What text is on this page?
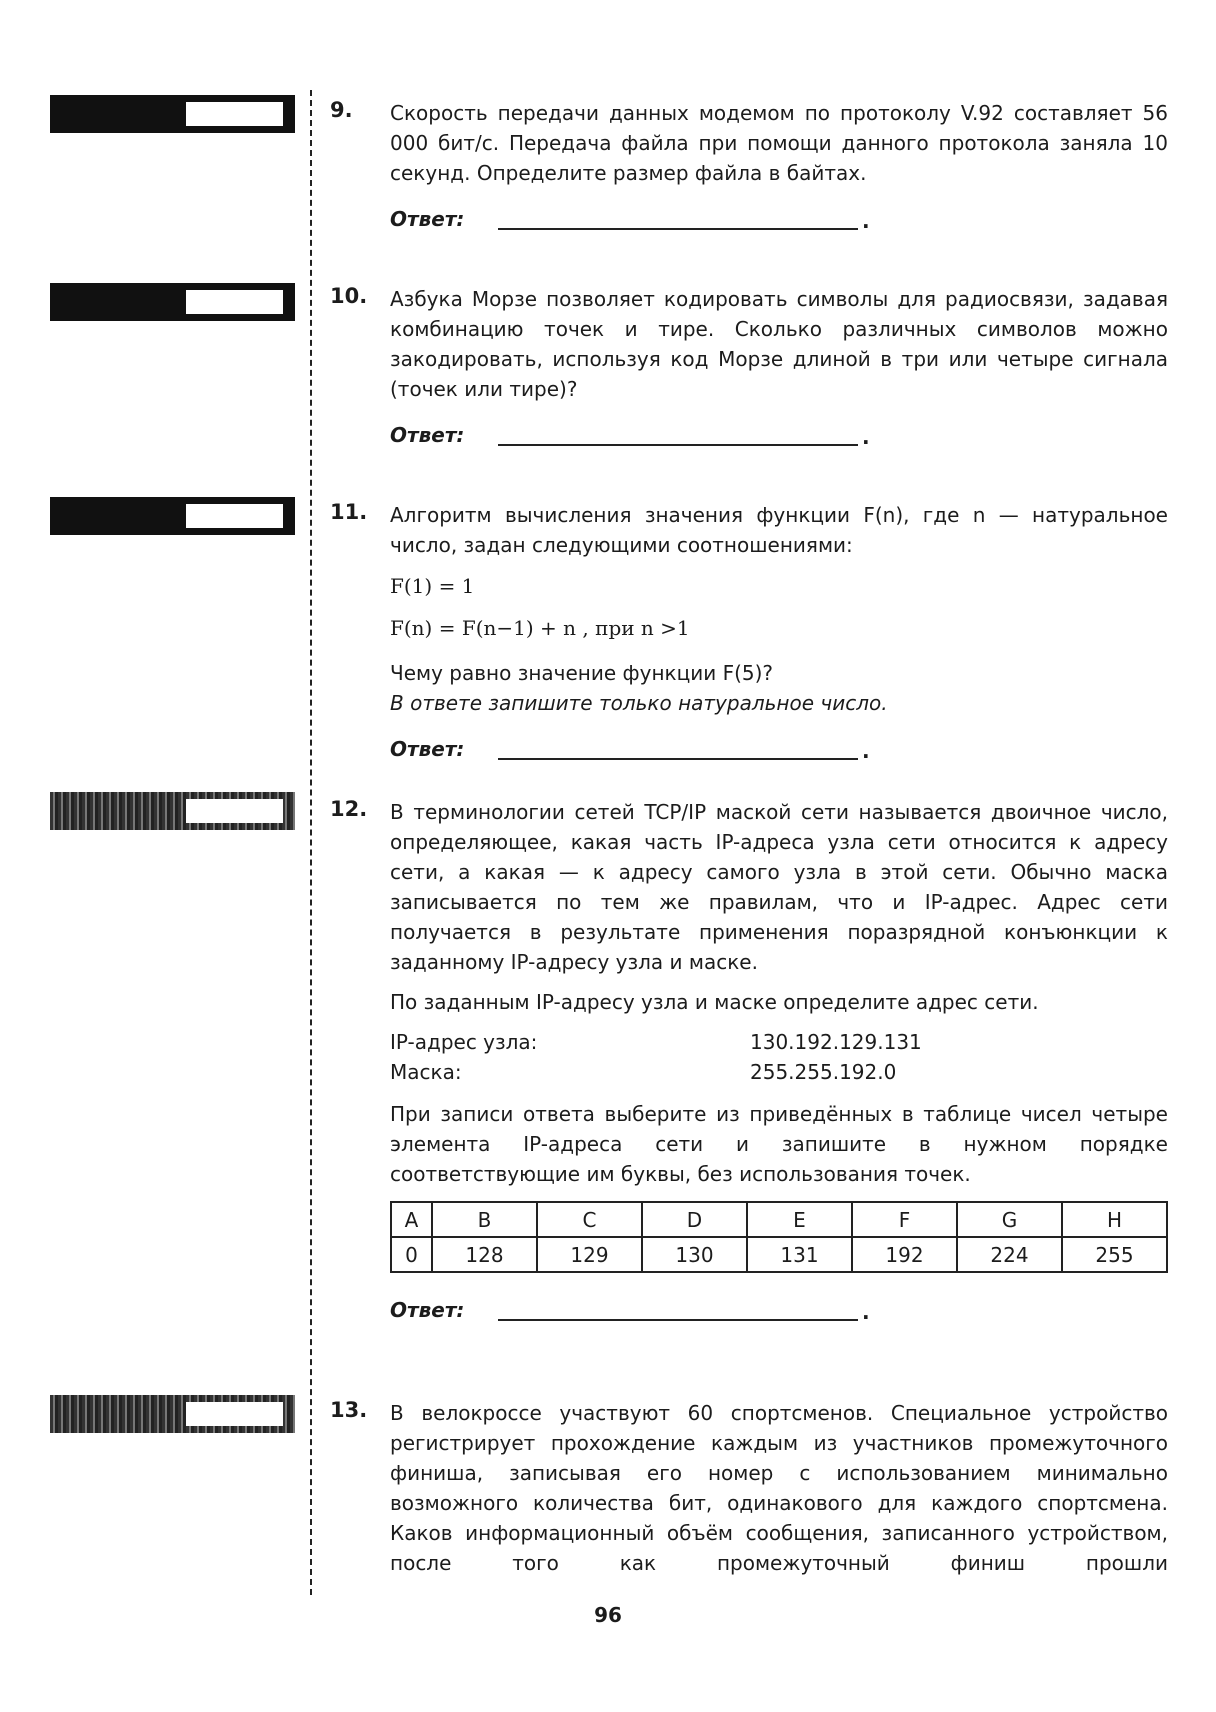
9.	Скорость передачи данных модемом по протоколу V.92 составляет 56 000 бит/с. Передача файла при помощи данного протокола заняла 10 секунд. Определите размер файла в байтах.

Ответ:	.
10.	Азбука Морзе позволяет кодировать символы для радиосвязи, задавая комбинацию точек и тире. Сколько различных символов можно закодировать, используя код Морзе длиной в три или четыре сигнала (точек или тире)?

Ответ:	.
11.	Алгоритм вычисления значения функции F(n), где n — натуральное число, задан следующими соотношениями:

F(1) = 1

F(n) = F(n−1) + n , при n >1

Чему равно значение функции F(5)?

В ответе запишите только натуральное число.

Ответ:	.
12.	В терминологии сетей TCP/IP маской сети называется двоичное число, определяющее, какая часть IP-адреса узла сети относится к адресу сети, а какая — к адресу самого узла в этой сети. Обычно маска записывается по тем же правилам, что и IP-адрес. Адрес сети получается в результате применения поразрядной конъюнкции к заданному IP-адресу узла и маске.

По заданным IP-адресу узла и маске определите адрес сети.

IP-адрес узла:	130.192.129.131
Маска:	255.255.192.0

При записи ответа выберите из приведённых в таблице чисел четыре элемента IP-адреса сети и запишите в нужном порядке соответствующие им буквы, без использования точек.

A	B	C	D	E	F	G	H
0	128	129	130	131	192	224	255
Ответ:	.
13.	В велокроссе участвуют 60 спортсменов. Специальное устройство регистрирует прохождение каждым из участников промежуточного финиша, записывая его номер с использованием минимально возможного количества бит, одинакового для каждого спортсмена. Каков информационный объём сообщения, записанного устройством, после того как промежуточный финиш прошли

96
